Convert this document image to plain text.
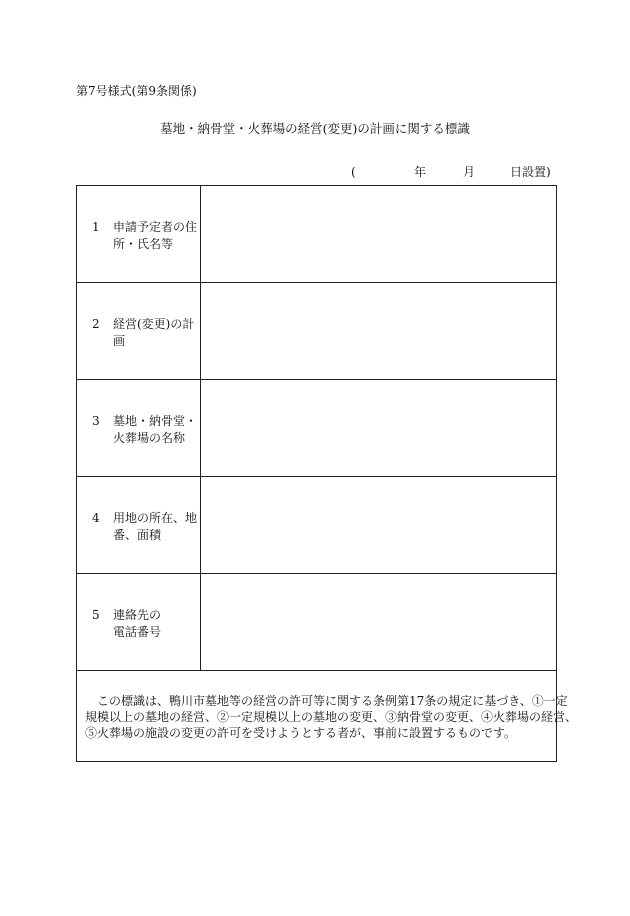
第7号様式(第9条関係)
墓地・納骨堂・火葬場の経営(変更)の計画に関する標識
(	年	月	日設置)
1 申請予定者の住
所・氏名等
2 経営(変更)の計
画
3 墓地・納骨堂・
火葬場の名称
4 用地の所在、地
番、面積
5 連絡先の
電話番号

この標識は、鴨川市墓地等の経営の許可等に関する条例第17条の規定に基づき、①一定

規模以上の墓地の経営、②一定規模以上の墓地の変更、③納骨堂の変更、④火葬場の経営、

⑤火葬場の施設の変更の許可を受けようとする者が、事前に設置するものです。
